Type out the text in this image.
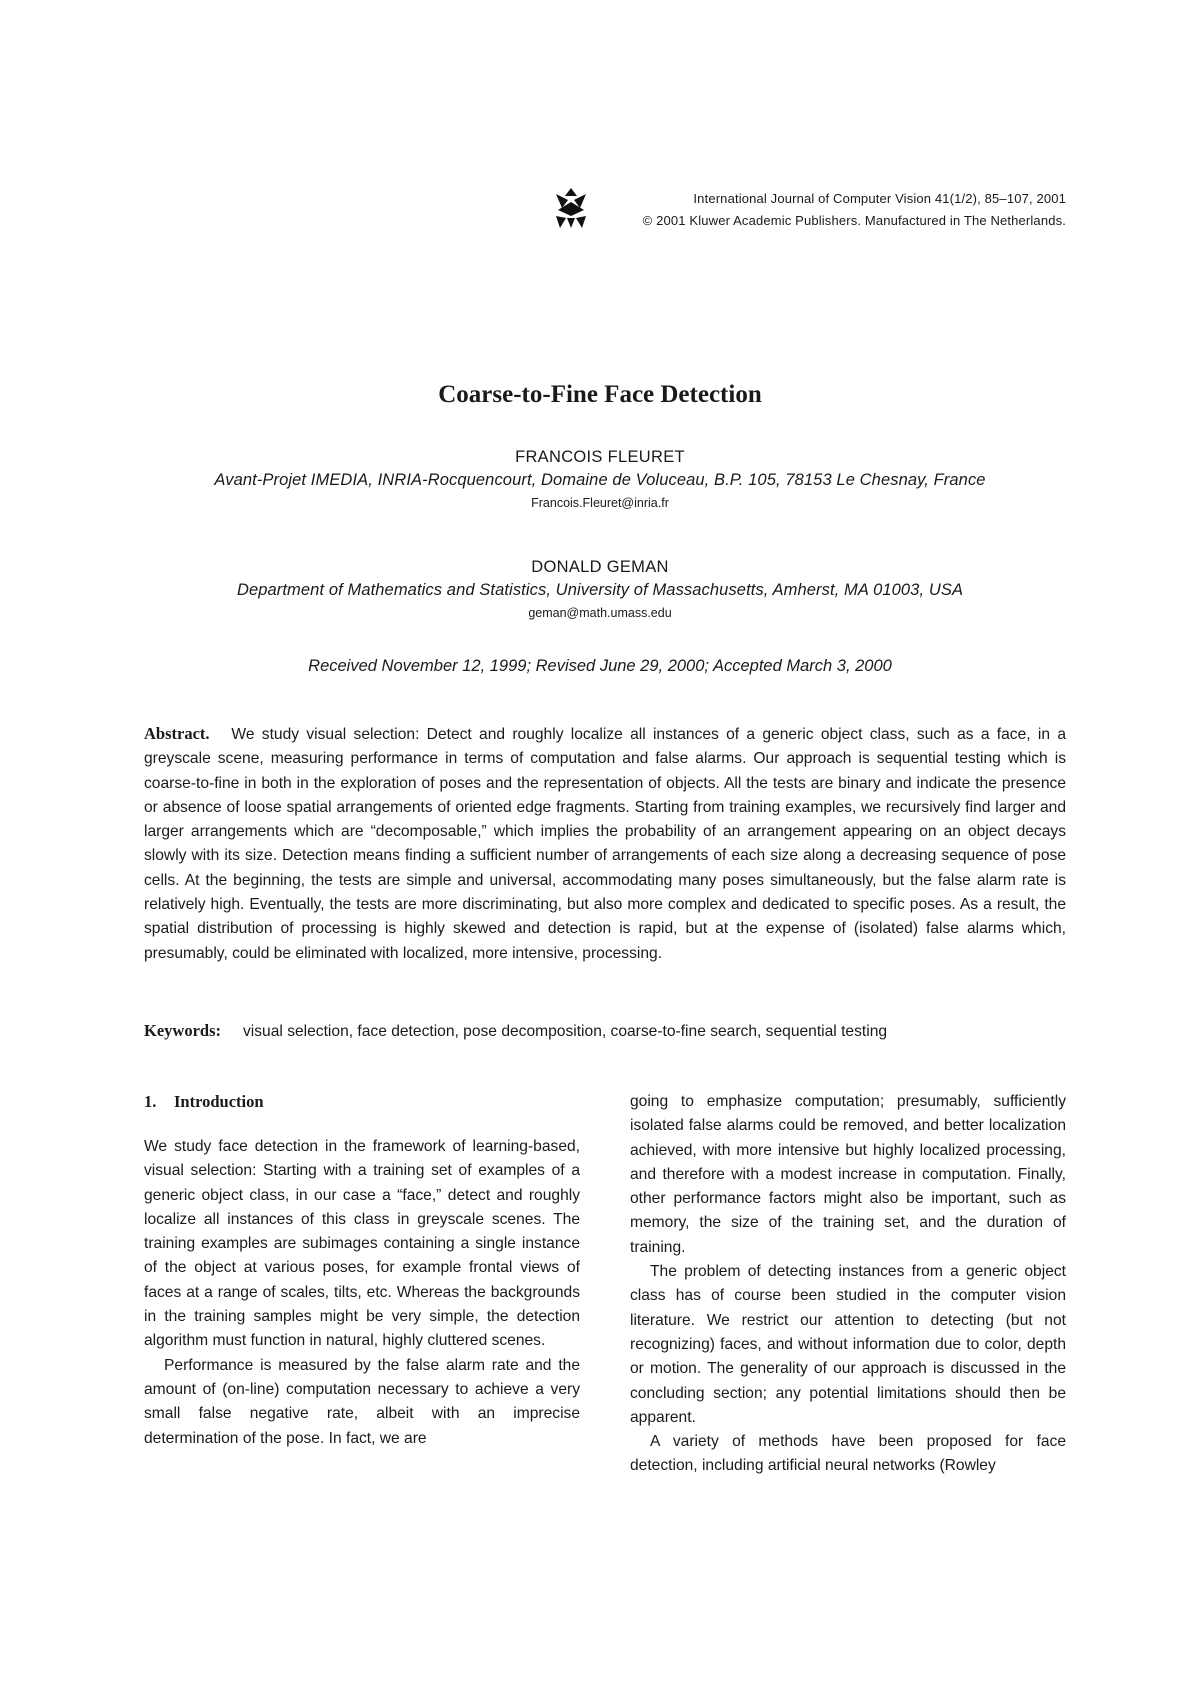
International Journal of Computer Vision 41(1/2), 85–107, 2001
© 2001 Kluwer Academic Publishers. Manufactured in The Netherlands.
Coarse-to-Fine Face Detection
FRANCOIS FLEURET
Avant-Projet IMEDIA, INRIA-Rocquencourt, Domaine de Voluceau, B.P. 105, 78153 Le Chesnay, France
Francois.Fleuret@inria.fr
DONALD GEMAN
Department of Mathematics and Statistics, University of Massachusetts, Amherst, MA 01003, USA
geman@math.umass.edu
Received November 12, 1999; Revised June 29, 2000; Accepted March 3, 2000

Abstract. We study visual selection: Detect and roughly localize all instances of a generic object class, such as a face, in a greyscale scene, measuring performance in terms of computation and false alarms. Our approach is sequential testing which is coarse-to-fine in both in the exploration of poses and the representation of objects. All the tests are binary and indicate the presence or absence of loose spatial arrangements of oriented edge fragments. Starting from training examples, we recursively find larger and larger arrangements which are “decomposable,” which implies the probability of an arrangement appearing on an object decays slowly with its size. Detection means finding a sufficient number of arrangements of each size along a decreasing sequence of pose cells. At the beginning, the tests are simple and universal, accommodating many poses simultaneously, but the false alarm rate is relatively high. Eventually, the tests are more discriminating, but also more complex and dedicated to specific poses. As a result, the spatial distribution of processing is highly skewed and detection is rapid, but at the expense of (isolated) false alarms which, presumably, could be eliminated with localized, more intensive, processing.

Keywords: visual selection, face detection, pose decomposition, coarse-to-fine search, sequential testing

1. Introduction

We study face detection in the framework of learning-based, visual selection: Starting with a training set of examples of a generic object class, in our case a “face,” detect and roughly localize all instances of this class in greyscale scenes. The training examples are subimages containing a single instance of the object at various poses, for example frontal views of faces at a range of scales, tilts, etc. Whereas the backgrounds in the training samples might be very simple, the detection algorithm must function in natural, highly cluttered scenes.

Performance is measured by the false alarm rate and the amount of (on-line) computation necessary to achieve a very small false negative rate, albeit with an imprecise determination of the pose. In fact, we are

going to emphasize computation; presumably, sufficiently isolated false alarms could be removed, and better localization achieved, with more intensive but highly localized processing, and therefore with a modest increase in computation. Finally, other performance factors might also be important, such as memory, the size of the training set, and the duration of training.

The problem of detecting instances from a generic object class has of course been studied in the computer vision literature. We restrict our attention to detecting (but not recognizing) faces, and without information due to color, depth or motion. The generality of our approach is discussed in the concluding section; any potential limitations should then be apparent.

A variety of methods have been proposed for face detection, including artificial neural networks (Rowley
